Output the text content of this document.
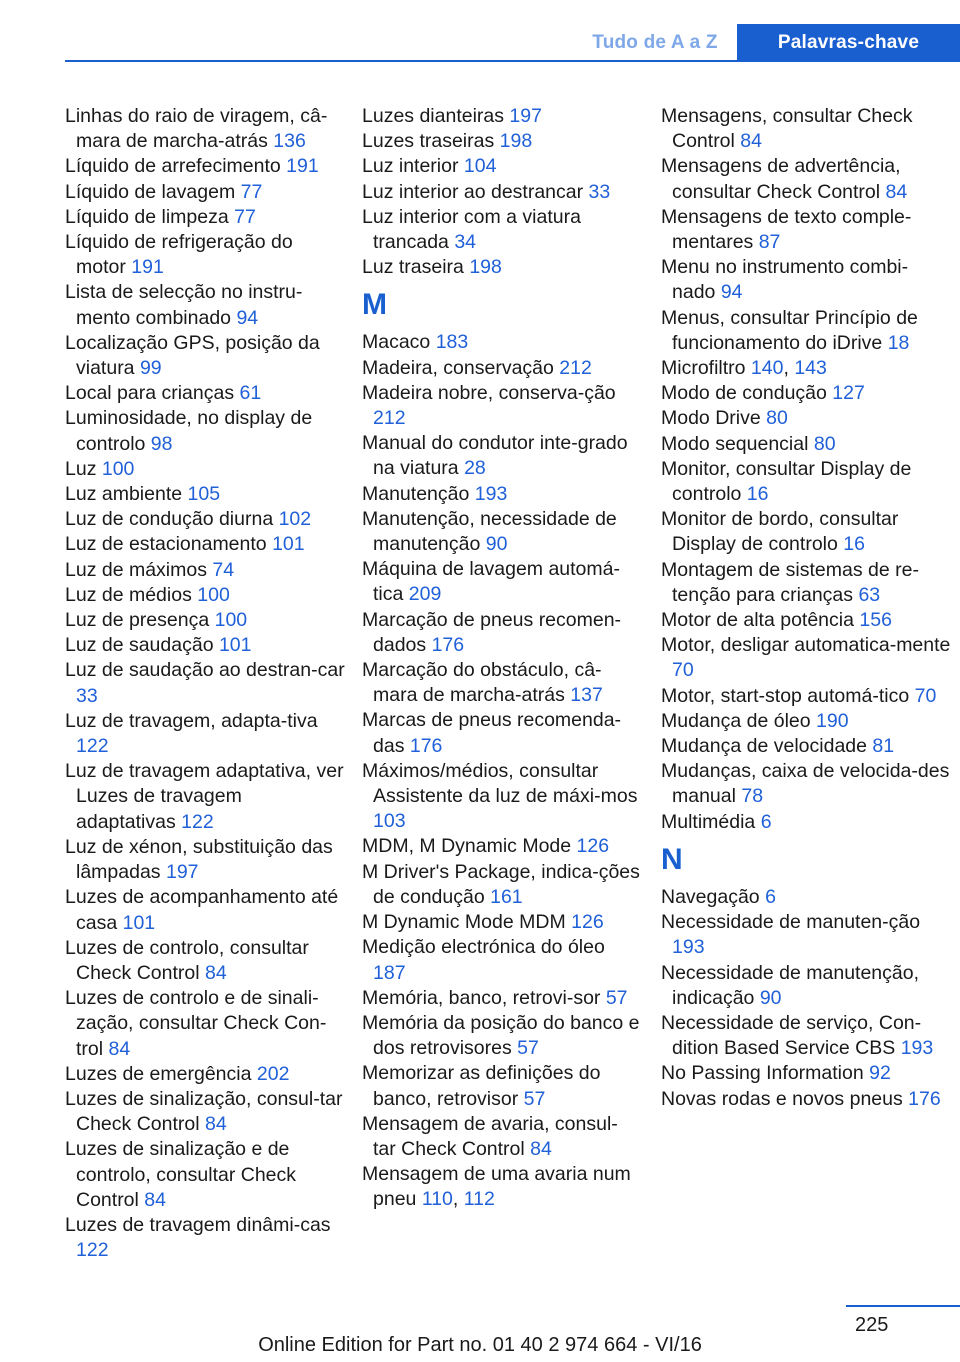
Tudo de A a Z	Palavras-chave

Linhas do raio de viragem, câ-mara de marcha-atrás 136

Líquido de arrefecimento 191

Líquido de lavagem 77

Líquido de limpeza 77

Líquido de refrigeração do motor 191

Lista de selecção no instru-mento combinado 94

Localização GPS, posição da viatura 99

Local para crianças 61

Luminosidade, no display de controlo 98

Luz 100

Luz ambiente 105

Luz de condução diurna 102

Luz de estacionamento 101

Luz de máximos 74

Luz de médios 100

Luz de presença 100

Luz de saudação 101

Luz de saudação ao destran-car 33

Luz de travagem, adapta-tiva 122

Luz de travagem adaptativa, ver Luzes de travagem adaptativas 122

Luz de xénon, substituição das lâmpadas 197

Luzes de acompanhamento até casa 101

Luzes de controlo, consultar Check Control 84

Luzes de controlo e de sinali-zação, consultar Check Con-trol 84

Luzes de emergência 202

Luzes de sinalização, consul-tar Check Control 84

Luzes de sinalização e de controlo, consultar Check Control 84

Luzes de travagem dinâmi-cas 122

Luzes dianteiras 197

Luzes traseiras 198

Luz interior 104

Luz interior ao destrancar 33

Luz interior com a viatura trancada 34

Luz traseira 198

M

Macaco 183

Madeira, conservação 212

Madeira nobre, conserva-ção 212

Manual do condutor inte-grado na viatura 28

Manutenção 193

Manutenção, necessidade de manutenção 90

Máquina de lavagem automá-tica 209

Marcação de pneus recomen-dados 176

Marcação do obstáculo, câ-mara de marcha-atrás 137

Marcas de pneus recomenda-das 176

Máximos/médios, consultar Assistente da luz de máxi-mos 103

MDM, M Dynamic Mode 126

M Driver's Package, indica-ções de condução 161

M Dynamic Mode MDM 126

Medição electrónica do óleo 187

Memória, banco, retrovi-sor 57

Memória da posição do banco e dos retrovisores 57

Memorizar as definições do banco, retrovisor 57

Mensagem de avaria, consul-tar Check Control 84

Mensagem de uma avaria num pneu 110, 112

Mensagens, consultar Check Control 84

Mensagens de advertência, consultar Check Control 84

Mensagens de texto comple-mentares 87

Menu no instrumento combi-nado 94

Menus, consultar Princípio de funcionamento do iDrive 18

Microfiltro 140, 143

Modo de condução 127

Modo Drive 80

Modo sequencial 80

Monitor, consultar Display de controlo 16

Monitor de bordo, consultar Display de controlo 16

Montagem de sistemas de re-tenção para crianças 63

Motor de alta potência 156

Motor, desligar automatica-mente 70

Motor, start-stop automá-tico 70

Mudança de óleo 190

Mudança de velocidade 81

Mudanças, caixa de velocida-des manual 78

Multimédia 6

N

Navegação 6

Necessidade de manuten-ção 193

Necessidade de manutenção, indicação 90

Necessidade de serviço, Con-dition Based Service CBS 193

No Passing Information 92

Novas rodas e novos pneus 176

225
Online Edition for Part no. 01 40 2 974 664 - VI/16
